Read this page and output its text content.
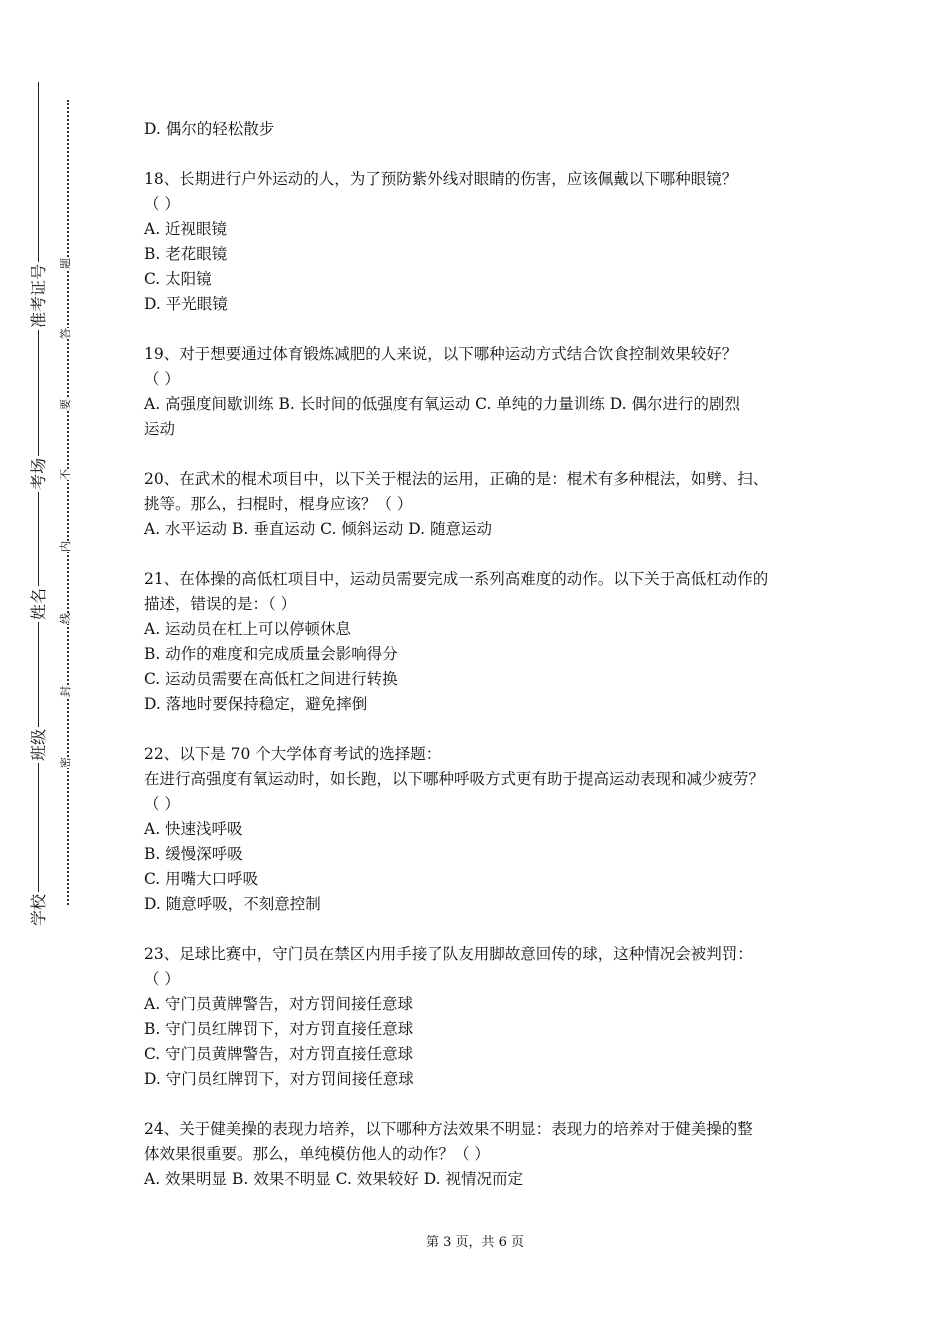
准考证号
考场
姓名
班级
学校
题
答
要
不
内
线
封
密

D. 偶尔的轻松散步

18、长期进行户外运动的人，为了预防紫外线对眼睛的伤害，应该佩戴以下哪种眼镜？

（ ）

A. 近视眼镜

B. 老花眼镜

C. 太阳镜

D. 平光眼镜

19、对于想要通过体育锻炼减肥的人来说，以下哪种运动方式结合饮食控制效果较好？

（ ）

A. 高强度间歇训练 B. 长时间的低强度有氧运动 C. 单纯的力量训练 D. 偶尔进行的剧烈

运动

20、在武术的棍术项目中，以下关于棍法的运用，正确的是：棍术有多种棍法，如劈、扫、

挑等。那么，扫棍时，棍身应该？（ ）

A. 水平运动 B. 垂直运动 C. 倾斜运动 D. 随意运动

21、在体操的高低杠项目中，运动员需要完成一系列高难度的动作。以下关于高低杠动作的

描述，错误的是：（ ）

A. 运动员在杠上可以停顿休息

B. 动作的难度和完成质量会影响得分

C. 运动员需要在高低杠之间进行转换

D. 落地时要保持稳定，避免摔倒

22、以下是 70 个大学体育考试的选择题：

在进行高强度有氧运动时，如长跑，以下哪种呼吸方式更有助于提高运动表现和减少疲劳？

（ ）

A. 快速浅呼吸

B. 缓慢深呼吸

C. 用嘴大口呼吸

D. 随意呼吸，不刻意控制

23、足球比赛中，守门员在禁区内用手接了队友用脚故意回传的球，这种情况会被判罚：

（ ）

A. 守门员黄牌警告，对方罚间接任意球

B. 守门员红牌罚下，对方罚直接任意球

C. 守门员黄牌警告，对方罚直接任意球

D. 守门员红牌罚下，对方罚间接任意球

24、关于健美操的表现力培养，以下哪种方法效果不明显：表现力的培养对于健美操的整

体效果很重要。那么，单纯模仿他人的动作？（ ）

A. 效果明显 B. 效果不明显 C. 效果较好 D. 视情况而定

第 3 页，共 6 页
